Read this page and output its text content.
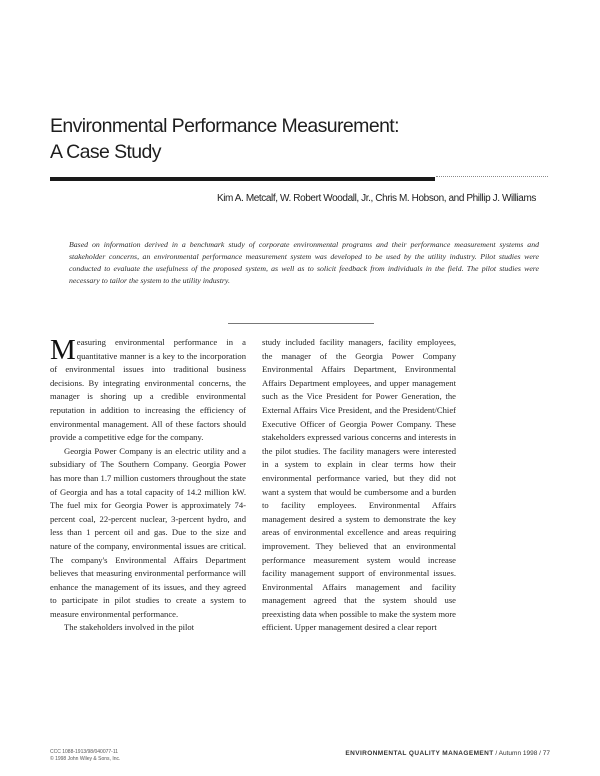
Environmental Performance Measurement:
A Case Study
Kim A. Metcalf, W. Robert Woodall, Jr., Chris M. Hobson, and Phillip J. Williams

Based on information derived in a benchmark study of corporate environmental programs and their performance measurement systems and stakeholder concerns, an environmental performance measurement system was developed to be used by the utility industry. Pilot studies were conducted to evaluate the usefulness of the proposed system, as well as to solicit feedback from individuals in the field. The pilot studies were necessary to tailor the system to the utility industry.

Measuring environmental performance in a quantitative manner is a key to the incorporation of environmental issues into traditional business decisions. By integrating environmental concerns, the manager is shoring up a credible environmental reputation in addition to increasing the efficiency of environmental management. All of these factors should provide a competitive edge for the company.

Georgia Power Company is an electric utility and a subsidiary of The Southern Company. Georgia Power has more than 1.7 million customers throughout the state of Georgia and has a total capacity of 14.2 million kW. The fuel mix for Georgia Power is approximately 74-percent coal, 22-percent nuclear, 3-percent hydro, and less than 1 percent oil and gas. Due to the size and nature of the company, environmental issues are critical. The company's Environmental Affairs Department believes that measuring environmental performance will enhance the management of its issues, and they agreed to participate in pilot studies to create a system to measure environmental performance.

The stakeholders involved in the pilot

study included facility managers, facility employees, the manager of the Georgia Power Company Environmental Affairs Department, Environmental Affairs Department employees, and upper management such as the Vice President for Power Generation, the External Affairs Vice President, and the President/Chief Executive Officer of Georgia Power Company. These stakeholders expressed various concerns and interests in the pilot studies. The facility managers were interested in a system to explain in clear terms how their environmental performance varied, but they did not want a system that would be cumbersome and a burden to facility employees. Environmental Affairs management desired a system to demonstrate the key areas of environmental excellence and areas requiring improvement. They believed that an environmental performance measurement system would increase facility management support of environmental issues. Environmental Affairs management and facility management agreed that the system should use preexisting data when possible to make the system more efficient. Upper management desired a clear report

CCC 1088-1913/98/040077-11
© 1998 John Wiley & Sons, Inc.
ENVIRONMENTAL QUALITY MANAGEMENT / Autumn 1998 / 77
